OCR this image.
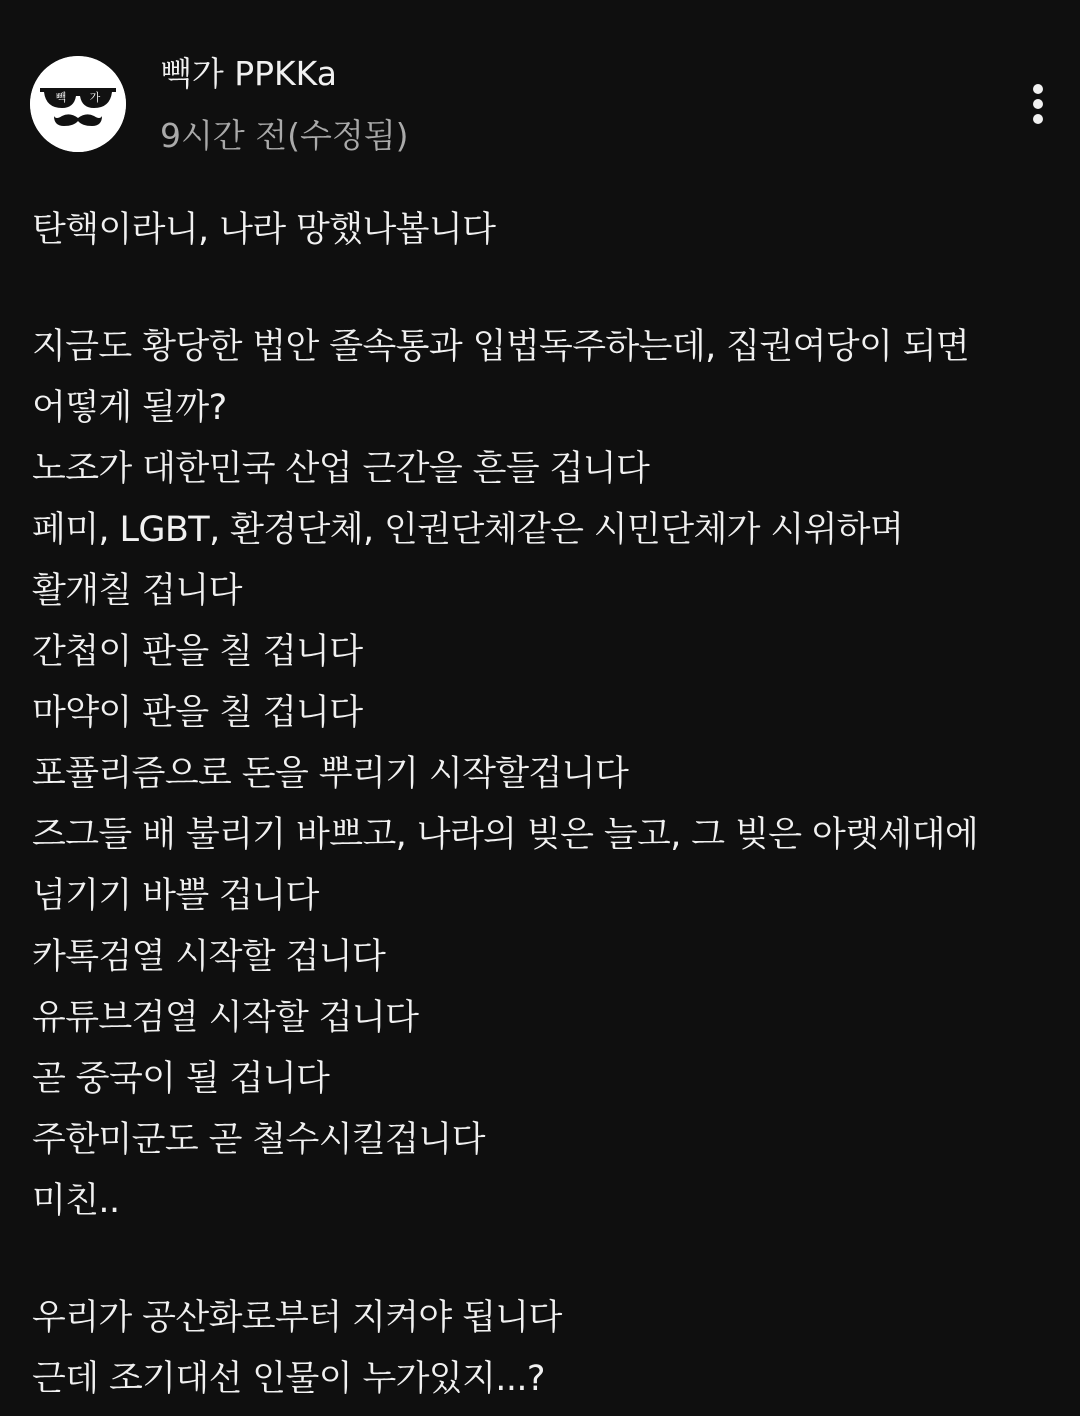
빽 가
빽가 PPKKa
9시간 전(수정됨)
탄핵이라니, 나라 망했나봅니다
지금도 황당한 법안 졸속통과 입법독주하는데, 집권여당이 되면
어떻게 될까?
노조가 대한민국 산업 근간을 흔들 겁니다
페미, LGBT, 환경단체, 인권단체같은 시민단체가 시위하며
활개칠 겁니다
간첩이 판을 칠 겁니다
마약이 판을 칠 겁니다
포퓰리즘으로 돈을 뿌리기 시작할겁니다
즈그들 배 불리기 바쁘고, 나라의 빚은 늘고, 그 빚은 아랫세대에
넘기기 바쁠 겁니다
카톡검열 시작할 겁니다
유튜브검열 시작할 겁니다
곧 중국이 될 겁니다
주한미군도 곧 철수시킬겁니다
미친..
우리가 공산화로부터 지켜야 됩니다
근데 조기대선 인물이 누가있지...?
